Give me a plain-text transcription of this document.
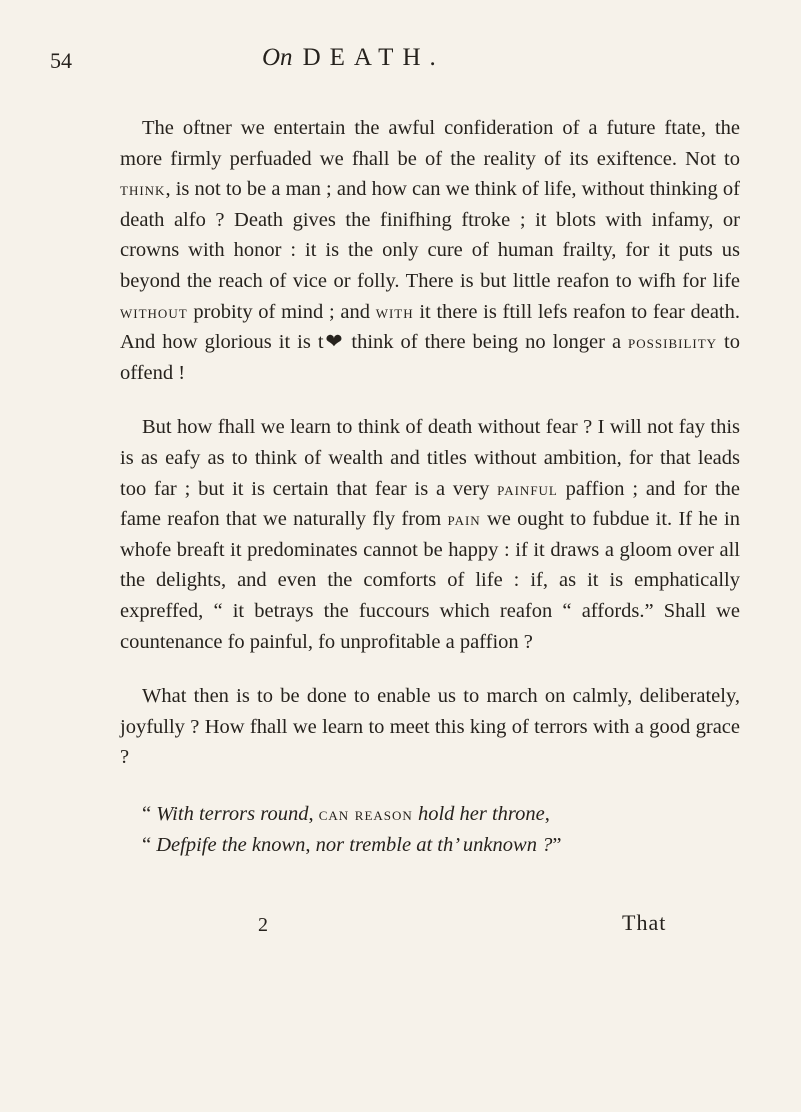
54	On DEATH.

The oftner we entertain the awful confideration of a future ftate, the more firmly perfuaded we fhall be of the reality of its exiftence. Not to think, is not to be a man ; and how can we think of life, without thinking of death alfo ? Death gives the finifhing ftroke ; it blots with infamy, or crowns with honor : it is the only cure of human frailty, for it puts us beyond the reach of vice or folly. There is but little reafon to wifh for life without probity of mind ; and with it there is ftill lefs reafon to fear death. And how glorious it is t❤ think of there being no longer a possibility to offend !

But how fhall we learn to think of death without fear ? I will not fay this is as eafy as to think of wealth and titles without ambition, for that leads too far ; but it is certain that fear is a very painful paffion ; and for the fame reafon that we naturally fly from pain we ought to fubdue it. If he in whofe breaft it predominates cannot be happy : if it draws a gloom over all the delights, and even the comforts of life : if, as it is emphatically expreffed, “ it betrays the fuccours which reafon “ affords.” Shall we countenance fo painful, fo unprofitable a paffion ?

What then is to be done to enable us to march on calmly, deliberately, joyfully ? How fhall we learn to meet this king of terrors with a good grace ?

“ With terrors round, can reason hold her throne,
“ Defpife the known, nor tremble at th’ unknown ?”
2	That
